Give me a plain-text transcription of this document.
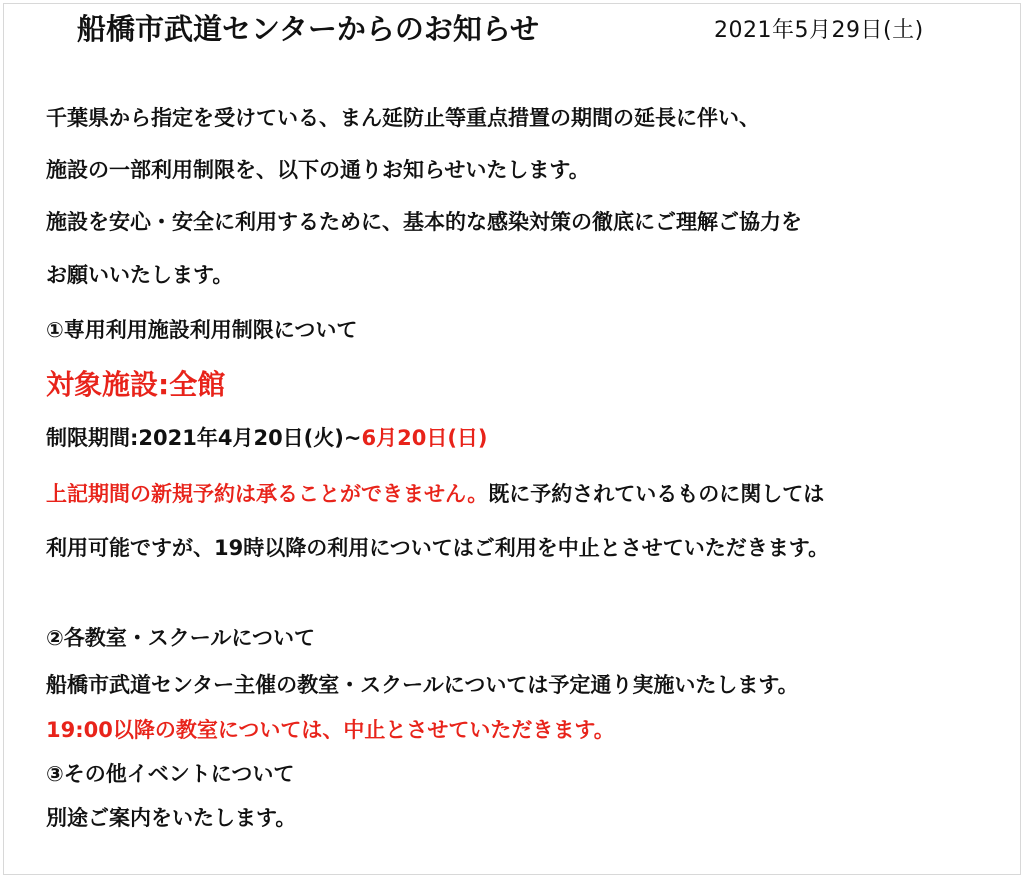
船橋市武道センターからのお知らせ	2021年5月29日(土)
千葉県から指定を受けている、まん延防止等重点措置の期間の延長に伴い、
施設の一部利用制限を、以下の通りお知らせいたします。
施設を安心・安全に利用するために、基本的な感染対策の徹底にご理解ご協力を
お願いいたします。
①専用利用施設利用制限について
対象施設:全館
制限期間:2021年4月20日(火)~6月20日(日)
上記期間の新規予約は承ることができません。既に予約されているものに関しては
利用可能ですが、19時以降の利用についてはご利用を中止とさせていただきます。
②各教室・スクールについて
船橋市武道センター主催の教室・スクールについては予定通り実施いたします。
19:00以降の教室については、中止とさせていただきます。
③その他イベントについて
別途ご案内をいたします。
